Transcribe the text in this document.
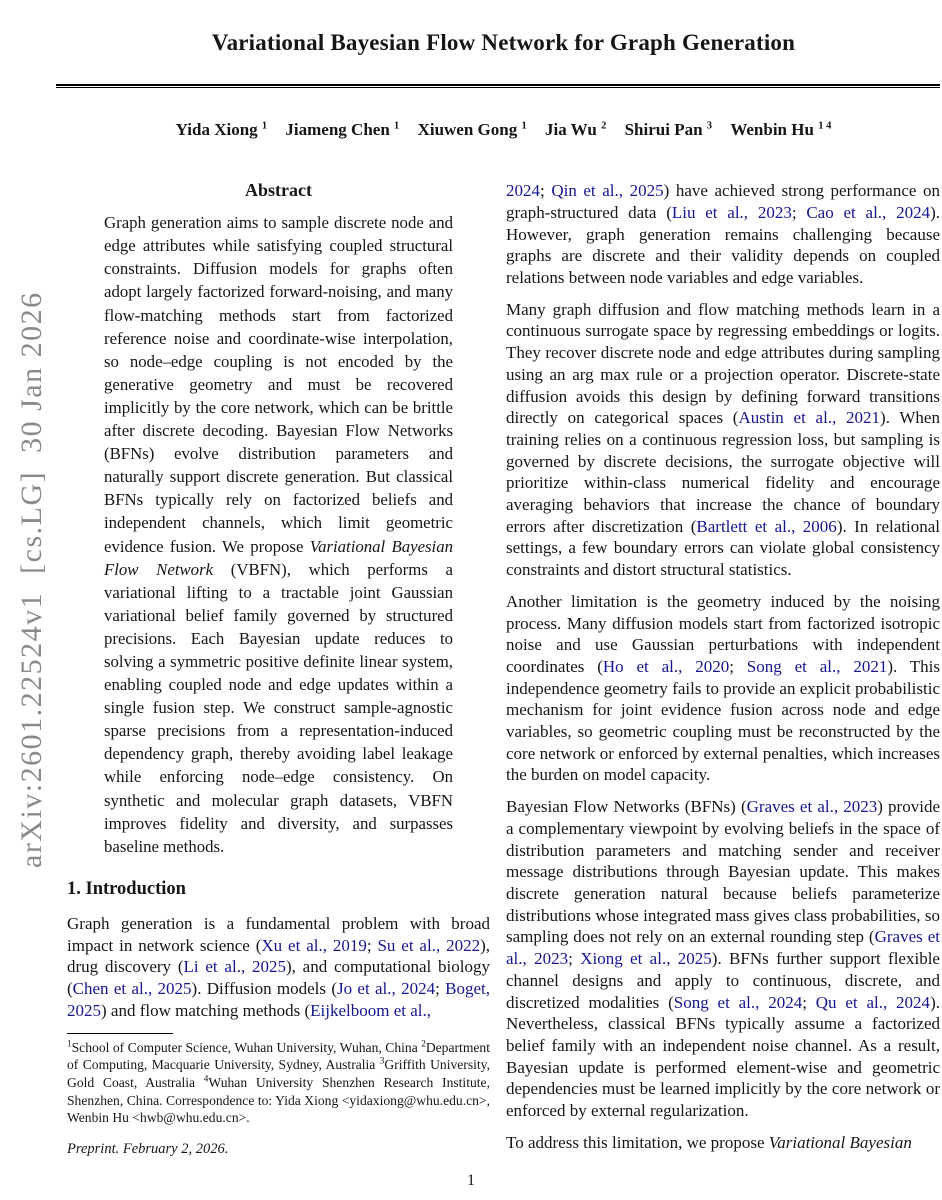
arXiv:2601.22524v1  [cs.LG]  30 Jan 2026
Variational Bayesian Flow Network for Graph Generation
Yida Xiong $^1$ Jiameng Chen $^1$ Xiuwen Gong $^1$ Jia Wu $^2$ Shirui Pan $^3$ Wenbin Hu $^{1 4}$
Abstract

Graph generation aims to sample discrete node and edge attributes while satisfying coupled structural constraints. Diffusion models for graphs often adopt largely factorized forward-noising, and many flow-matching methods start from factorized reference noise and coordinate-wise interpolation, so node–edge coupling is not encoded by the generative geometry and must be recovered implicitly by the core network, which can be brittle after discrete decoding. Bayesian Flow Networks (BFNs) evolve distribution parameters and naturally support discrete generation. But classical BFNs typically rely on factorized beliefs and independent channels, which limit geometric evidence fusion. We propose Variational Bayesian Flow Network (VBFN), which performs a variational lifting to a tractable joint Gaussian variational belief family governed by structured precisions. Each Bayesian update reduces to solving a symmetric positive definite linear system, enabling coupled node and edge updates within a single fusion step. We construct sample-agnostic sparse precisions from a representation-induced dependency graph, thereby avoiding label leakage while enforcing node–edge consistency. On synthetic and molecular graph datasets, VBFN improves fidelity and diversity, and surpasses baseline methods.

1. Introduction

Graph generation is a fundamental problem with broad impact in network science (Xu et al., 2019; Su et al., 2022), drug discovery (Li et al., 2025), and computational biology (Chen et al., 2025). Diffusion models (Jo et al., 2024; Boget, 2025) and flow matching methods (Eijkelboom et al.,

$^1$School of Computer Science, Wuhan University, Wuhan, China $^2$Department of Computing, Macquarie University, Sydney, Australia $^3$Griffith University, Gold Coast, Australia $^4$Wuhan University Shenzhen Research Institute, Shenzhen, China. Correspondence to: Yida Xiong <yidaxiong@whu.edu.cn>, Wenbin Hu <hwb@whu.edu.cn>.

Preprint. February 2, 2026.

2024; Qin et al., 2025) have achieved strong performance on graph-structured data (Liu et al., 2023; Cao et al., 2024). However, graph generation remains challenging because graphs are discrete and their validity depends on coupled relations between node variables and edge variables.

Many graph diffusion and flow matching methods learn in a continuous surrogate space by regressing embeddings or logits. They recover discrete node and edge attributes during sampling using an arg max rule or a projection operator. Discrete-state diffusion avoids this design by defining forward transitions directly on categorical spaces (Austin et al., 2021). When training relies on a continuous regression loss, but sampling is governed by discrete decisions, the surrogate objective will prioritize within-class numerical fidelity and encourage averaging behaviors that increase the chance of boundary errors after discretization (Bartlett et al., 2006). In relational settings, a few boundary errors can violate global consistency constraints and distort structural statistics.

Another limitation is the geometry induced by the noising process. Many diffusion models start from factorized isotropic noise and use Gaussian perturbations with independent coordinates (Ho et al., 2020; Song et al., 2021). This independence geometry fails to provide an explicit probabilistic mechanism for joint evidence fusion across node and edge variables, so geometric coupling must be reconstructed by the core network or enforced by external penalties, which increases the burden on model capacity.

Bayesian Flow Networks (BFNs) (Graves et al., 2023) provide a complementary viewpoint by evolving beliefs in the space of distribution parameters and matching sender and receiver message distributions through Bayesian update. This makes discrete generation natural because beliefs parameterize distributions whose integrated mass gives class probabilities, so sampling does not rely on an external rounding step (Graves et al., 2023; Xiong et al., 2025). BFNs further support flexible channel designs and apply to continuous, discrete, and discretized modalities (Song et al., 2024; Qu et al., 2024). Nevertheless, classical BFNs typically assume a factorized belief family with an independent noise channel. As a result, Bayesian update is performed element-wise and geometric dependencies must be learned implicitly by the core network or enforced by external regularization.

To address this limitation, we propose Variational Bayesian

1
